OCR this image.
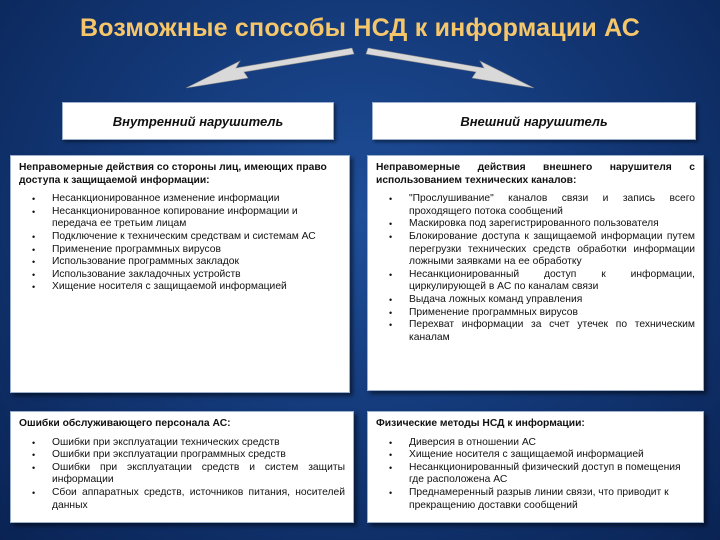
Возможные способы НСД к информации АС
Внутренний нарушитель	Внешний нарушитель
Неправомерные действия со стороны лиц, имеющих право доступа к защищаемой информации:
• Несанкционированное изменение информации
• Несанкционированное копирование информации и передача ее третьим лицам
• Подключение к техническим средствам и системам АС
• Применение программных вирусов
• Использование программных закладок
• Использование закладочных устройств
• Хищение носителя с защищаемой информацией
Неправомерные действия внешнего нарушителя с использованием технических каналов:
• "Прослушивание" каналов связи и запись всего проходящего потока сообщений
• Маскировка под зарегистрированного пользователя
• Блокирование доступа к защищаемой информации путем перегрузки технических средств обработки информации ложными заявками на ее обработку
• Несанкционированный доступ к информации, циркулирующей в АС по каналам связи
• Выдача ложных команд управления
• Применение программных вирусов
• Перехват информации за счет утечек по техническим каналам
Ошибки обслуживающего персонала АС:
• Ошибки при эксплуатации технических средств
• Ошибки при эксплуатации программных средств
• Ошибки при эксплуатации средств и систем защиты информации
• Сбои аппаратных средств, источников питания, носителей данных
Физические методы НСД к информации:
• Диверсия в отношении АС
• Хищение носителя с защищаемой информацией
• Несанкционированный физический доступ в помещения где расположена АС
• Преднамеренный разрыв линии связи, что приводит к прекращению доставки сообщений
